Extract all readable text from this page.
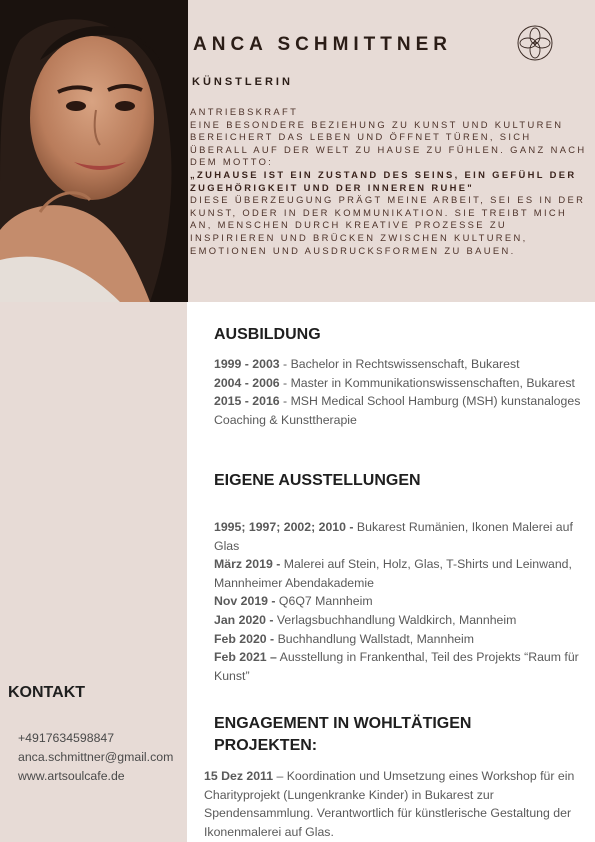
ANCA SCHMITTNER
KÜNSTLERIN

ANTRIEBSKRAFT

EINE BESONDERE BEZIEHUNG ZU KUNST UND KULTUREN BEREICHERT DAS LEBEN UND ÖFFNET TÜREN, SICH ÜBERALL AUF DER WELT ZU HAUSE ZU FÜHLEN. GANZ NACH DEM MOTTO:

„ZUHAUSE IST EIN ZUSTAND DES SEINS, EIN GEFÜHL DER ZUGEHÖRIGKEIT UND DER INNEREN RUHE"

DIESE ÜBERZEUGUNG PRÄGT MEINE ARBEIT, SEI ES IN DER KUNST, ODER IN DER KOMMUNIKATION. SIE TREIBT MICH AN, MENSCHEN DURCH KREATIVE PROZESSE ZU INSPIRIEREN UND BRÜCKEN ZWISCHEN KULTUREN, EMOTIONEN UND AUSDRUCKSFORMEN ZU BAUEN.

AUSBILDUNG

1999 - 2003 - Bachelor in Rechtswissenschaft, Bukarest

2004 - 2006 - Master in Kommunikationswissenschaften, Bukarest

2015 - 2016 - MSH Medical School Hamburg (MSH) kunstanaloges Coaching & Kunsttherapie

EIGENE AUSSTELLUNGEN

1995; 1997; 2002; 2010 - Bukarest Rumänien, Ikonen Malerei auf Glas

März 2019 - Malerei auf Stein, Holz, Glas, T-Shirts und Leinwand, Mannheimer Abendakademie

Nov 2019 - Q6Q7 Mannheim

Jan 2020 - Verlagsbuchhandlung Waldkirch, Mannheim

Feb 2020 - Buchhandlung Wallstadt, Mannheim

Feb 2021 – Ausstellung in Frankenthal, Teil des Projekts “Raum für Kunst”

KONTAKT
+4917634598847
anca.schmittner@gmail.com
www.artsoulcafe.de
ENGAGEMENT IN WOHLTÄTIGEN
PROJEKTEN:

15 Dez 2011 – Koordination und Umsetzung eines Workshop für ein Charityprojekt (Lungenkranke Kinder) in Bukarest zur Spendensammlung. Verantwortlich für künstlerische Gestaltung der Ikonenmalerei auf Glas.
